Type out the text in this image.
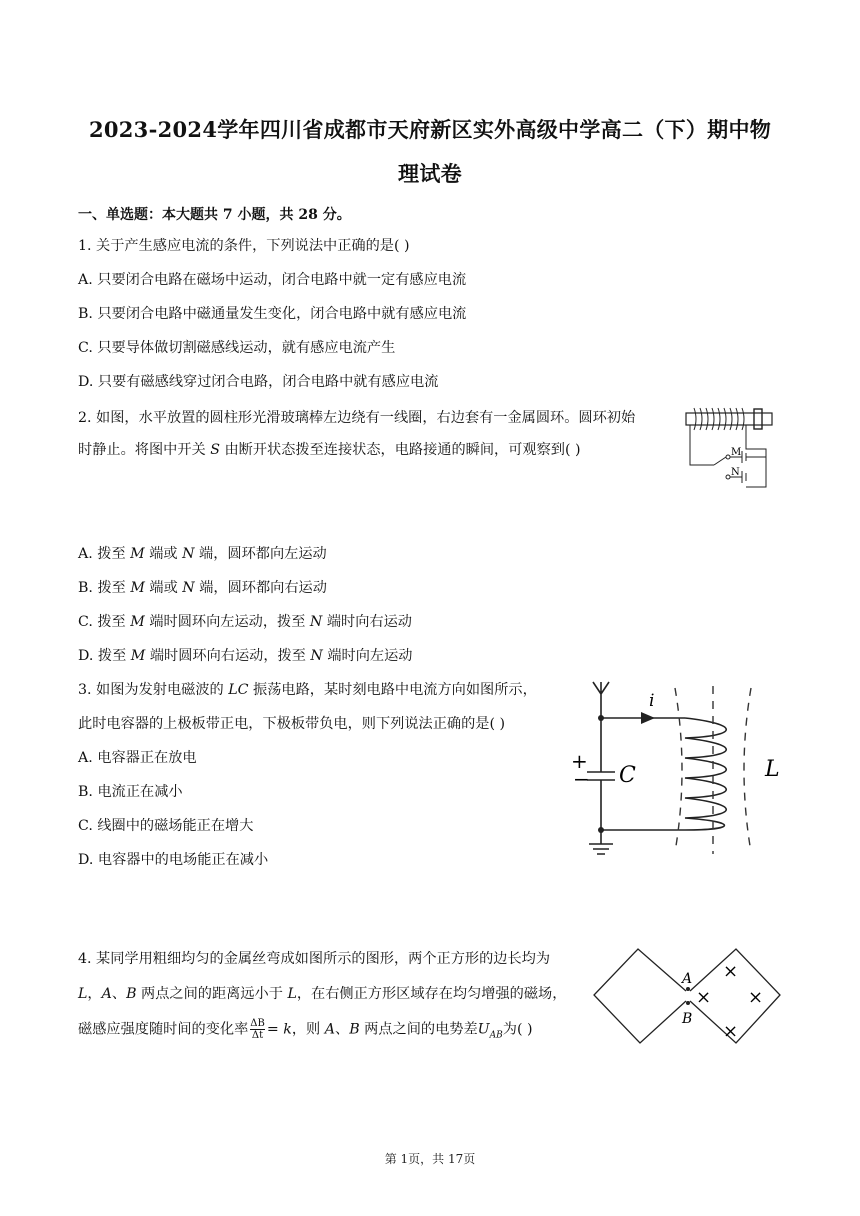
2023-2024学年四川省成都市天府新区实外高级中学高二（下）期中物
理试卷
一、单选题：本大题共 7 小题，共 28 分。
1. 关于产生感应电流的条件，下列说法中正确的是( )
A. 只要闭合电路在磁场中运动，闭合电路中就一定有感应电流
B. 只要闭合电路中磁通量发生变化，闭合电路中就有感应电流
C. 只要导体做切割磁感线运动，就有感应电流产生
D. 只要有磁感线穿过闭合电路，闭合电路中就有感应电流
2. 如图，水平放置的圆柱形光滑玻璃棒左边绕有一线圈，右边套有一金属圆环。圆环初始
时静止。将图中开关 S 由断开状态拨至连接状态，电路接通的瞬间，可观察到( )	M
N
A. 拨至 M 端或 N 端，圆环都向左运动
B. 拨至 M 端或 N 端，圆环都向右运动
C. 拨至 M 端时圆环向左运动，拨至 N 端时向右运动
D. 拨至 M 端时圆环向右运动，拨至 N 端时向左运动
3. 如图为发射电磁波的 LC 振荡电路，某时刻电路中电流方向如图所示，
此时电容器的上极板带正电，下极板带负电，则下列说法正确的是( )
A. 电容器正在放电
B. 电流正在减小
C. 线圈中的磁场能正在增大
D. 电容器中的电场能正在减小
i
C	L
+
−
4. 某同学用粗细均匀的金属丝弯成如图所示的图形，两个正方形的边长均为
L，A、B 两点之间的距离远小于 L，在右侧正方形区域存在均匀增强的磁场，
磁感应强度随时间的变化率 $\frac{\Delta B}{\Delta t} = k$，则 A、B 两点之间的电势差$U_{AB}$为( )
A
B
×
× ×
×
第 1页，共 17页
